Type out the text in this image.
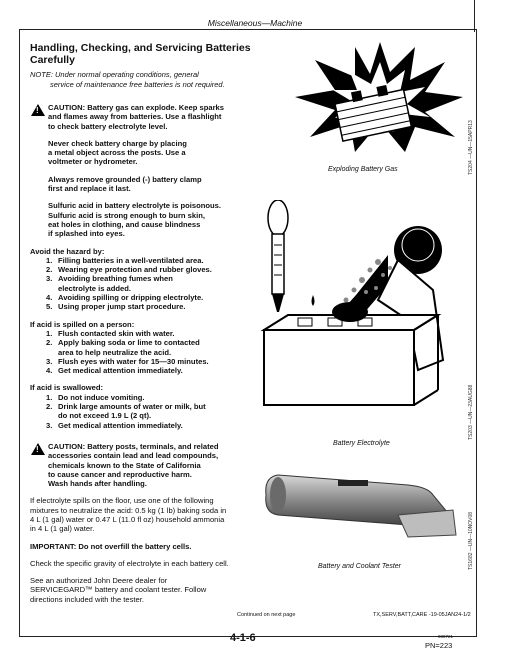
Miscellaneous—Machine
Handling, Checking, and Servicing Batteries
Carefully
NOTE: Under normal operating conditions, general
service of maintenance free batteries is not required.
! CAUTION: Battery gas can explode. Keep sparks
and flames away from batteries. Use a flashlight
to check battery electrolyte level.
Never check battery charge by placing
a metal object across the posts. Use a
voltmeter or hydrometer.
Always remove grounded (-) battery clamp
first and replace it last.
Sulfuric acid in battery electrolyte is poisonous.
Sulfuric acid is strong enough to burn skin,
eat holes in clothing, and cause blindness
if splashed into eyes.
Avoid the hazard by:
1. Filling batteries in a well-ventilated area.
2. Wearing eye protection and rubber gloves.
3. Avoiding breathing fumes when
electrolyte is added.
4. Avoiding spilling or dripping electrolyte.
5. Using proper jump start procedure.
If acid is spilled on a person:
1. Flush contacted skin with water.
2. Apply baking soda or lime to contacted
area to help neutralize the acid.
3. Flush eyes with water for 15—30 minutes.
4. Get medical attention immediately.
If acid is swallowed:
1. Do not induce vomiting.
2. Drink large amounts of water or milk, but
do not exceed 1.9 L (2 qt).
3. Get medical attention immediately.
! CAUTION: Battery posts, terminals, and related
accessories contain lead and lead compounds,
chemicals known to the State of California
to cause cancer and reproductive harm.
Wash hands after handling.
If electrolyte spills on the floor, use one of the following
mixtures to neutralize the acid: 0.5 kg (1 lb) baking soda in
4 L (1 gal) water or 0.47 L (11.0 fl oz) household ammonia
in 4 L (1 gal) water.
IMPORTANT: Do not overfill the battery cells.
Check the specific gravity of electrolyte in each battery cell.
See an authorized John Deere dealer for
SERVICEGARD™ battery and coolant tester. Follow
directions included with the tester.
Exploding Battery Gas	TS204 —UN—15APR13
Battery Electrolyte
TS203 —UN—23AUG88
Battery and Coolant Tester	TS1682 —UN—10NOV08
Continued on next page	TX,SERV,BATT,CARE -19-05JAN24-1/2
4-1-6	080721
PN=223
